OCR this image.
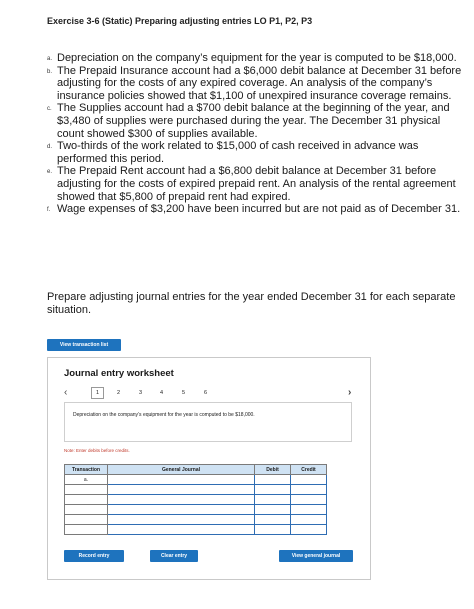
Exercise 3-6 (Static) Preparing adjusting entries LO P1, P2, P3
a. Depreciation on the company’s equipment for the year is computed to be $18,000.
b. The Prepaid Insurance account had a $6,000 debit balance at December 31 before adjusting for the costs of any expired coverage. An analysis of the company’s insurance policies showed that $1,100 of unexpired insurance coverage remains.
c. The Supplies account had a $700 debit balance at the beginning of the year, and $3,480 of supplies were purchased during the year. The December 31 physical count showed $300 of supplies available.
d. Two-thirds of the work related to $15,000 of cash received in advance was performed this period.
e. The Prepaid Rent account had a $6,800 debit balance at December 31 before adjusting for the costs of expired prepaid rent. An analysis of the rental agreement showed that $5,800 of prepaid rent had expired.
f. Wage expenses of $3,200 have been incurred but are not paid as of December 31.
Prepare adjusting journal entries for the year ended December 31 for each separate situation.
View transaction list
Journal entry worksheet
‹	1	2	3	4	5	6	›
Depreciation on the company’s equipment for the year is computed to be $18,000.
Note: Enter debits before credits.
Transaction	General Journal	Debit	Credit
a.			

Record entry	Clear entry	View general journal
